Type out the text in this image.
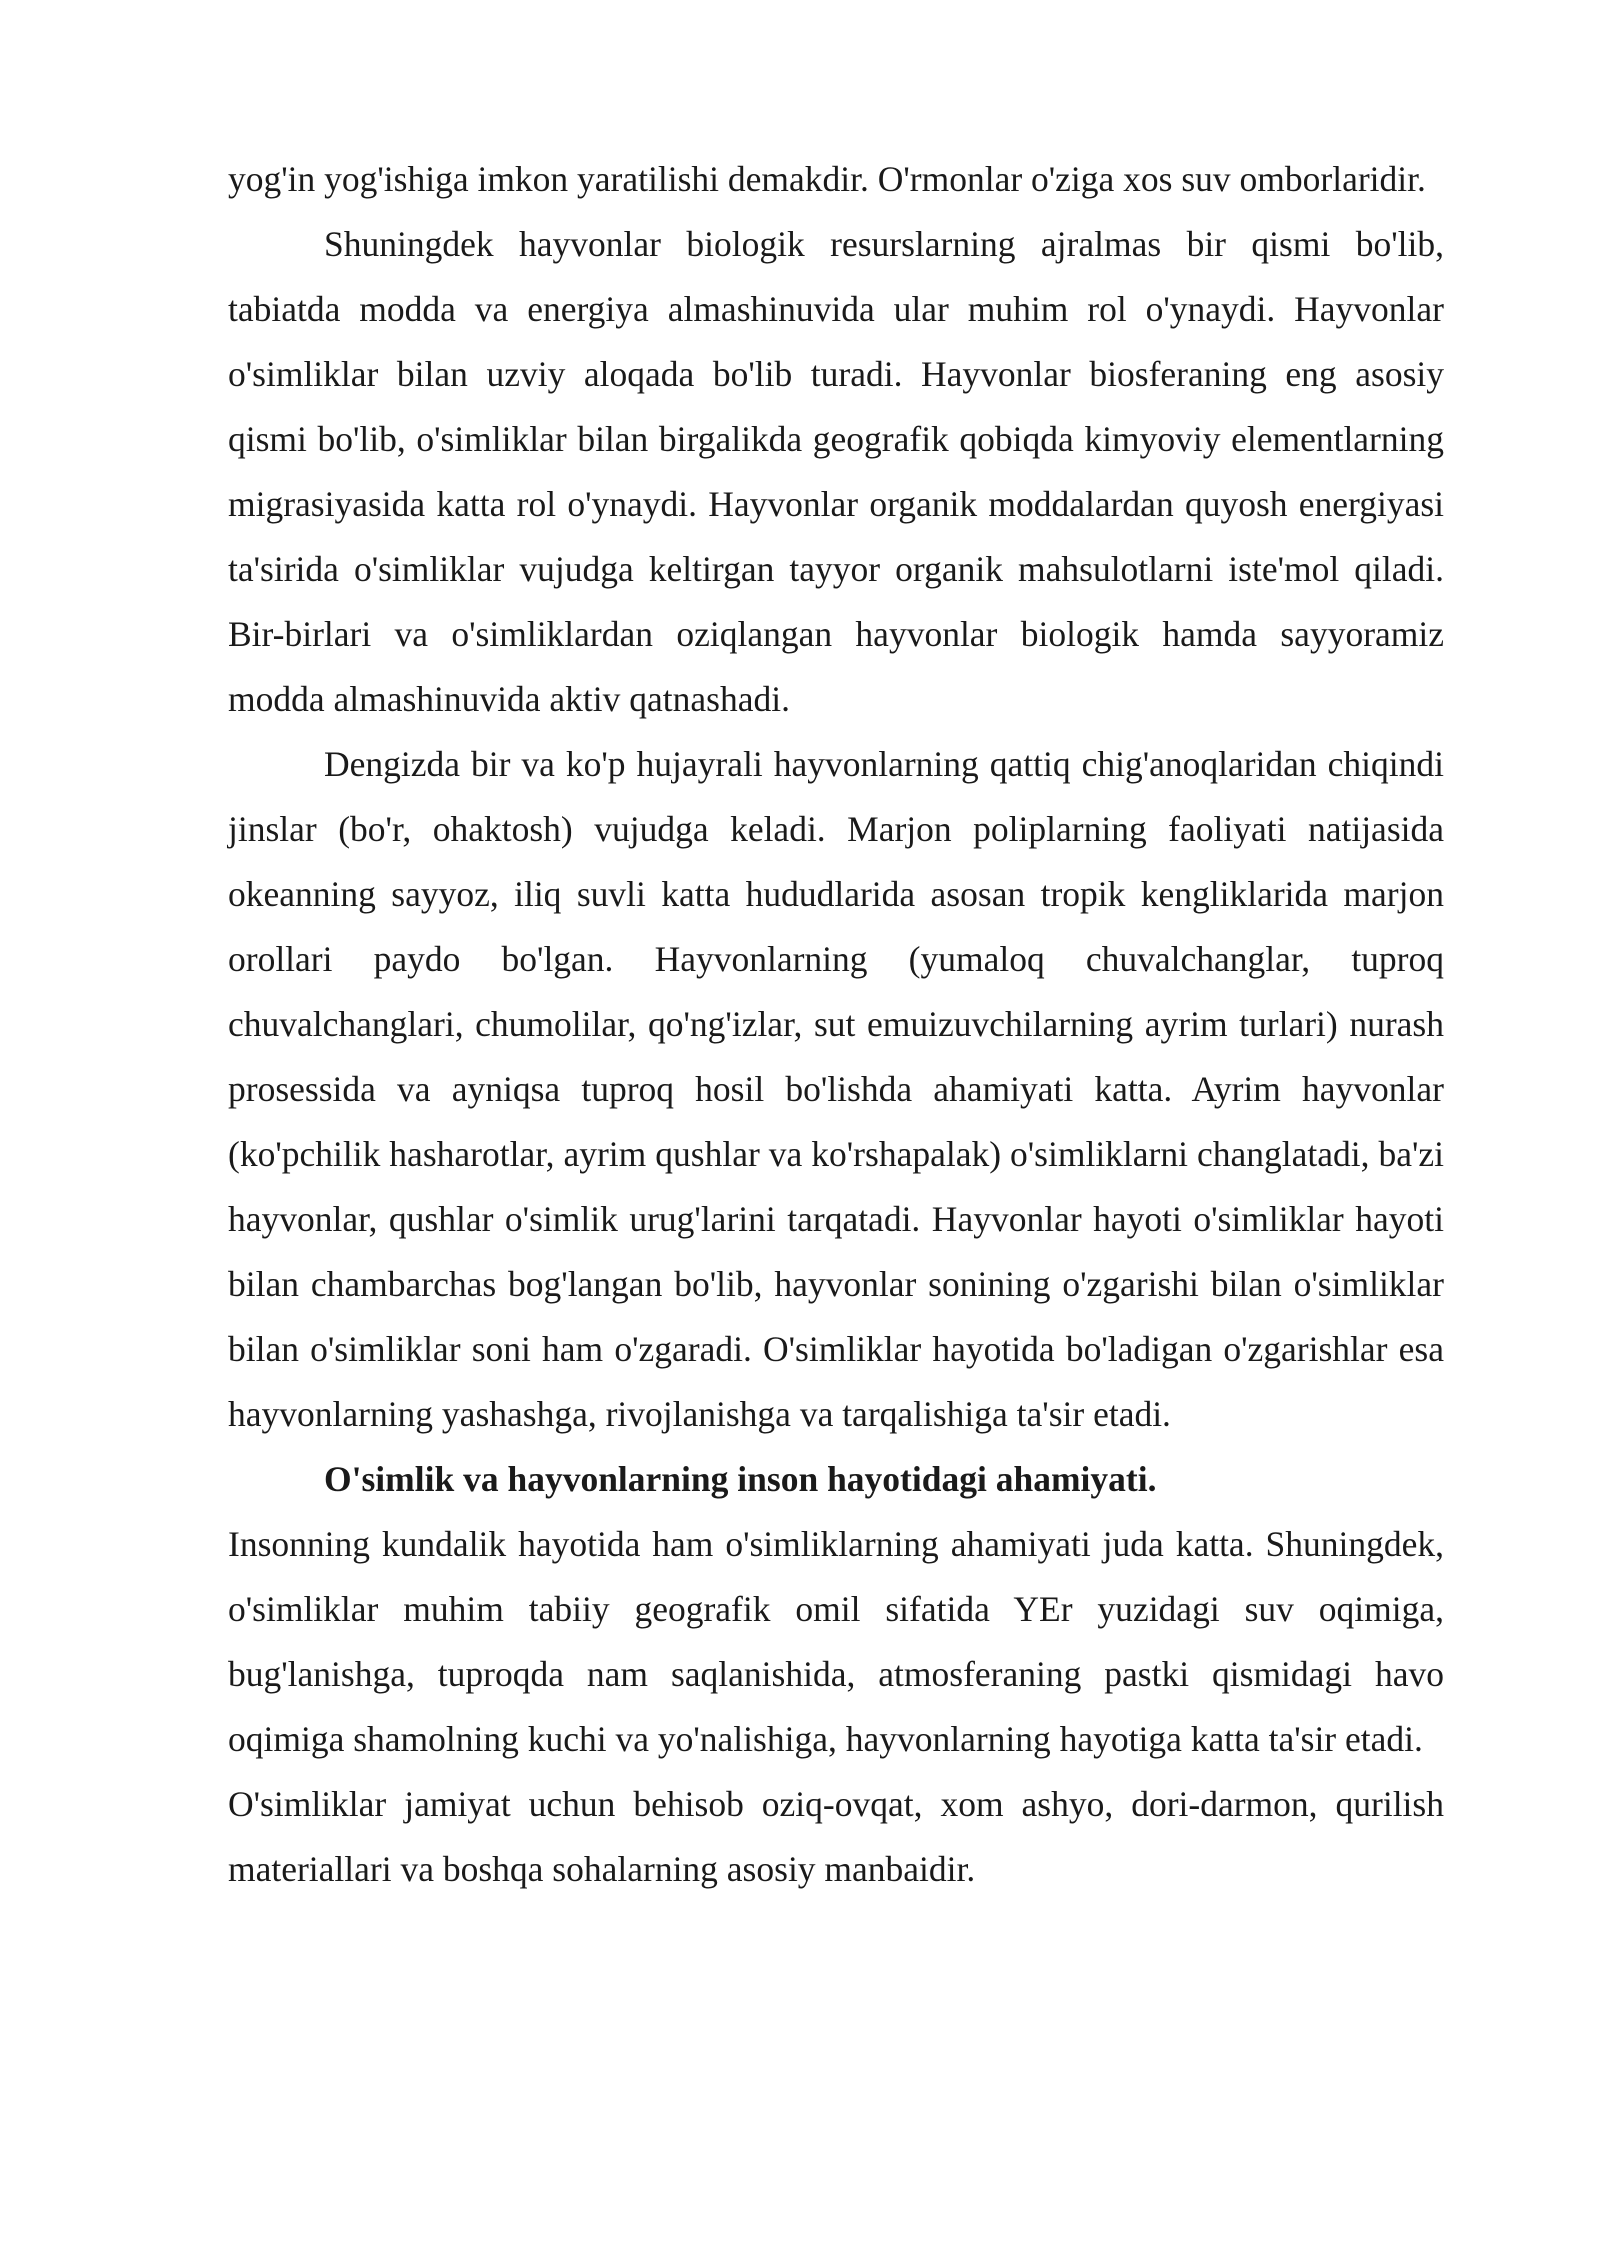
yog'in yog'ishiga imkon yaratilishi demakdir. O'rmonlar o'ziga xos suv omborlaridir.

Shuningdek hayvonlar biologik resurslarning ajralmas bir qismi bo'lib, tabiatda modda va energiya almashinuvida ular muhim rol o'ynaydi. Hayvonlar o'simliklar bilan uzviy aloqada bo'lib turadi. Hayvonlar biosferaning eng asosiy qismi bo'lib, o'simliklar bilan birgalikda geografik qobiqda kimyoviy elementlarning migrasiyasida katta rol o'ynaydi. Hayvonlar organik moddalardan quyosh energiyasi ta'sirida o'simliklar vujudga keltirgan tayyor organik mahsulotlarni iste'mol qiladi. Bir-birlari va o'simliklardan oziqlangan hayvonlar biologik hamda sayyoramiz modda almashinuvida aktiv qatnashadi.

Dengizda bir va ko'p hujayrali hayvonlarning qattiq chig'anoqlaridan chiqindi jinslar (bo'r, ohaktosh) vujudga keladi. Marjon poliplarning faoliyati natijasida okeanning sayyoz, iliq suvli katta hududlarida asosan tropik kengliklarida marjon orollari paydo bo'lgan. Hayvonlarning (yumaloq chuvalchanglar, tuproq chuvalchanglari, chumolilar, qo'ng'izlar, sut emuizuvchilarning ayrim turlari) nurash prosessida va ayniqsa tuproq hosil bo'lishda ahamiyati katta. Ayrim hayvonlar (ko'pchilik hasharotlar, ayrim qushlar va ko'rshapalak) o'simliklarni changlatadi, ba'zi hayvonlar, qushlar o'simlik urug'larini tarqatadi. Hayvonlar hayoti o'simliklar hayoti bilan chambarchas bog'langan bo'lib, hayvonlar sonining o'zgarishi bilan o'simliklar bilan o'simliklar soni ham o'zgaradi. O'simliklar hayotida bo'ladigan o'zgarishlar esa hayvonlarning yashashga, rivojlanishga va tarqalishiga ta'sir etadi.

O'simlik va hayvonlarning inson hayotidagi ahamiyati.

Insonning kundalik hayotida ham o'simliklarning ahamiyati juda katta. Shuningdek, o'simliklar muhim tabiiy geografik omil sifatida YEr yuzidagi suv oqimiga, bug'lanishga, tuproqda nam saqlanishida, atmosferaning pastki qismidagi havo oqimiga shamolning kuchi va yo'nalishiga, hayvonlarning hayotiga katta ta'sir etadi.

O'simliklar jamiyat uchun behisob oziq-ovqat, xom ashyo, dori-darmon, qurilish materiallari va boshqa sohalarning asosiy manbaidir.
